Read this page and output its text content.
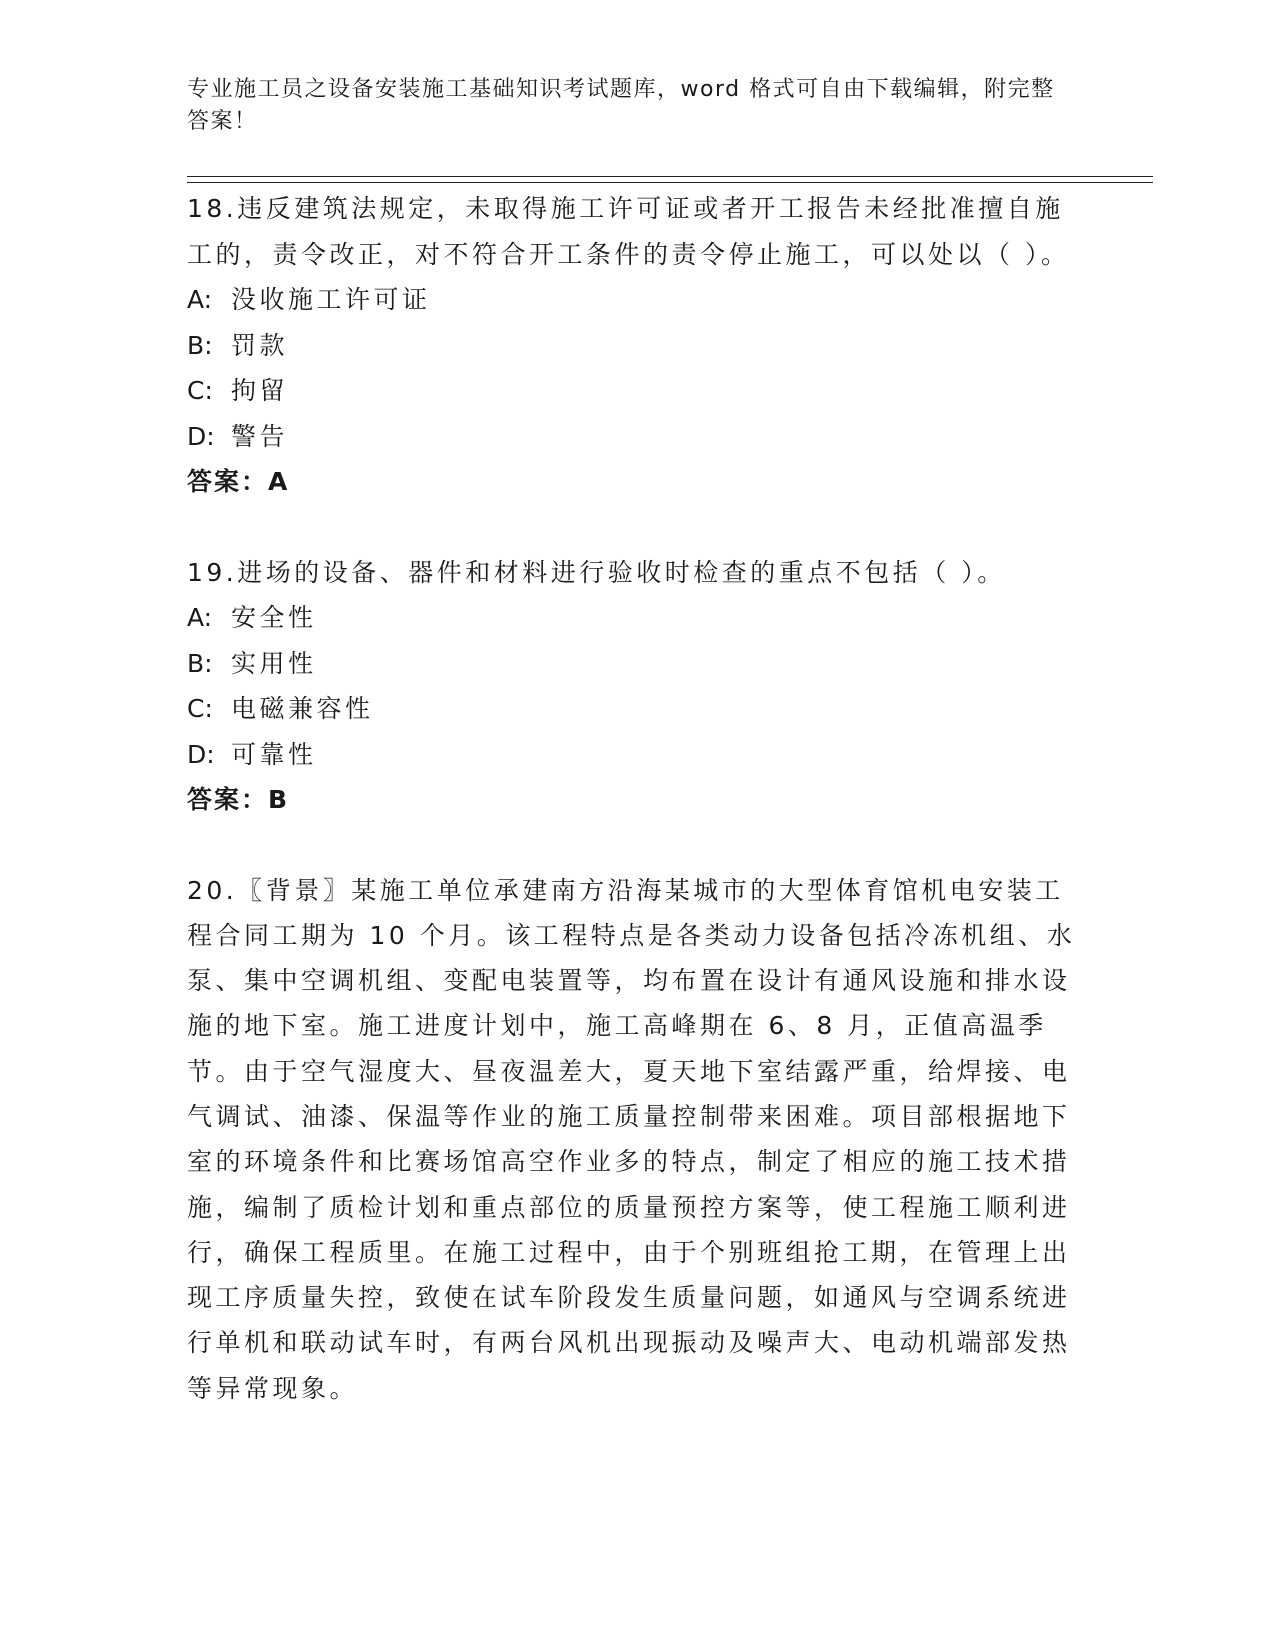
专业施工员之设备安装施工基础知识考试题库，word 格式可自由下载编辑，附完整答案！

18.违反建筑法规定，未取得施工许可证或者开工报告未经批准擅自施工的，责令改正，对不符合开工条件的责令停止施工，可以处以（ ）。

A: 没收施工许可证

B: 罚款

C: 拘留

D: 警告

答案：A

19.进场的设备、器件和材料进行验收时检查的重点不包括（ ）。

A: 安全性

B: 实用性

C: 电磁兼容性

D: 可靠性

答案：B

20.〖背景〗某施工单位承建南方沿海某城市的大型体育馆机电安装工程合同工期为 10 个月。该工程特点是各类动力设备包括冷冻机组、水泵、集中空调机组、变配电装置等，均布置在设计有通风设施和排水设施的地下室。施工进度计划中，施工高峰期在 6、8 月，正值高温季节。由于空气湿度大、昼夜温差大，夏天地下室结露严重，给焊接、电气调试、油漆、保温等作业的施工质量控制带来困难。项目部根据地下室的环境条件和比赛场馆高空作业多的特点，制定了相应的施工技术措施，编制了质检计划和重点部位的质量预控方案等，使工程施工顺利进行，确保工程质里。在施工过程中，由于个别班组抢工期，在管理上出现工序质量失控，致使在试车阶段发生质量问题，如通风与空调系统进行单机和联动试车时，有两台风机出现振动及噪声大、电动机端部发热等异常现象。
